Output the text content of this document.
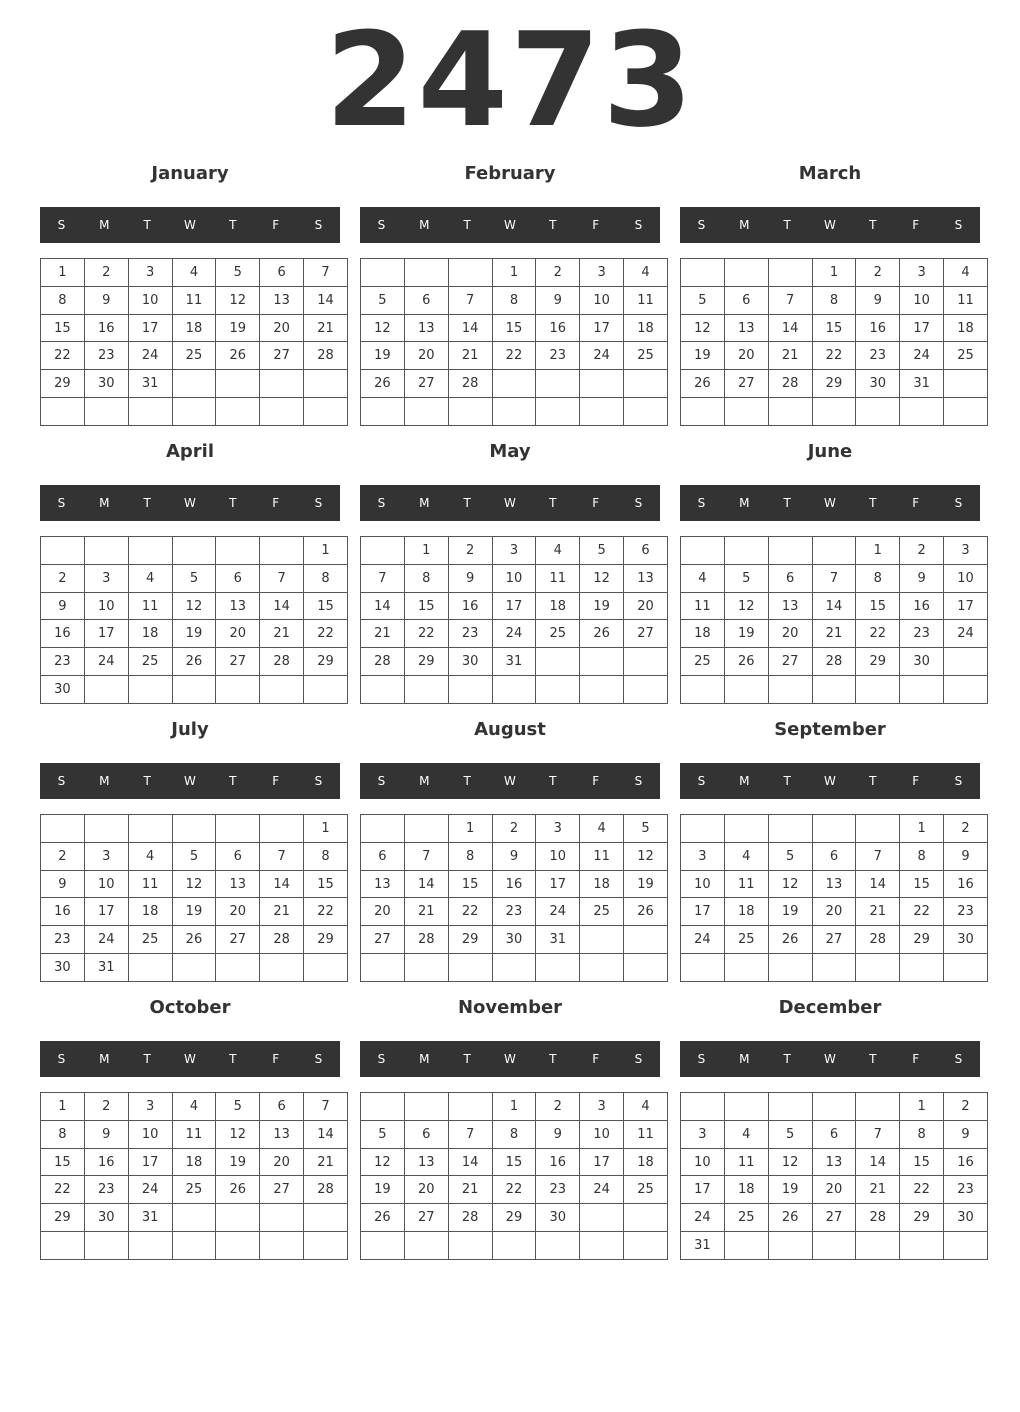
2473
January
S	M	T	W	T	F	S
1	2	3	4	5	6	7
8	9	10	11	12	13	14
15	16	17	18	19	20	21
22	23	24	25	26	27	28
29	30	31				

February
S	M	T	W	T	F	S
			1	2	3	4
5	6	7	8	9	10	11
12	13	14	15	16	17	18
19	20	21	22	23	24	25
26	27	28				

March
S	M	T	W	T	F	S
			1	2	3	4
5	6	7	8	9	10	11
12	13	14	15	16	17	18
19	20	21	22	23	24	25
26	27	28	29	30	31	

April
S	M	T	W	T	F	S
						1
2	3	4	5	6	7	8
9	10	11	12	13	14	15
16	17	18	19	20	21	22
23	24	25	26	27	28	29
30						
May
S	M	T	W	T	F	S
	1	2	3	4	5	6
7	8	9	10	11	12	13
14	15	16	17	18	19	20
21	22	23	24	25	26	27
28	29	30	31			

June
S	M	T	W	T	F	S
				1	2	3
4	5	6	7	8	9	10
11	12	13	14	15	16	17
18	19	20	21	22	23	24
25	26	27	28	29	30	

July
S	M	T	W	T	F	S
						1
2	3	4	5	6	7	8
9	10	11	12	13	14	15
16	17	18	19	20	21	22
23	24	25	26	27	28	29
30	31					
August
S	M	T	W	T	F	S
		1	2	3	4	5
6	7	8	9	10	11	12
13	14	15	16	17	18	19
20	21	22	23	24	25	26
27	28	29	30	31		

September
S	M	T	W	T	F	S
					1	2
3	4	5	6	7	8	9
10	11	12	13	14	15	16
17	18	19	20	21	22	23
24	25	26	27	28	29	30

October
S	M	T	W	T	F	S
1	2	3	4	5	6	7
8	9	10	11	12	13	14
15	16	17	18	19	20	21
22	23	24	25	26	27	28
29	30	31				

November
S	M	T	W	T	F	S
			1	2	3	4
5	6	7	8	9	10	11
12	13	14	15	16	17	18
19	20	21	22	23	24	25
26	27	28	29	30		

December
S	M	T	W	T	F	S
					1	2
3	4	5	6	7	8	9
10	11	12	13	14	15	16
17	18	19	20	21	22	23
24	25	26	27	28	29	30
31						
